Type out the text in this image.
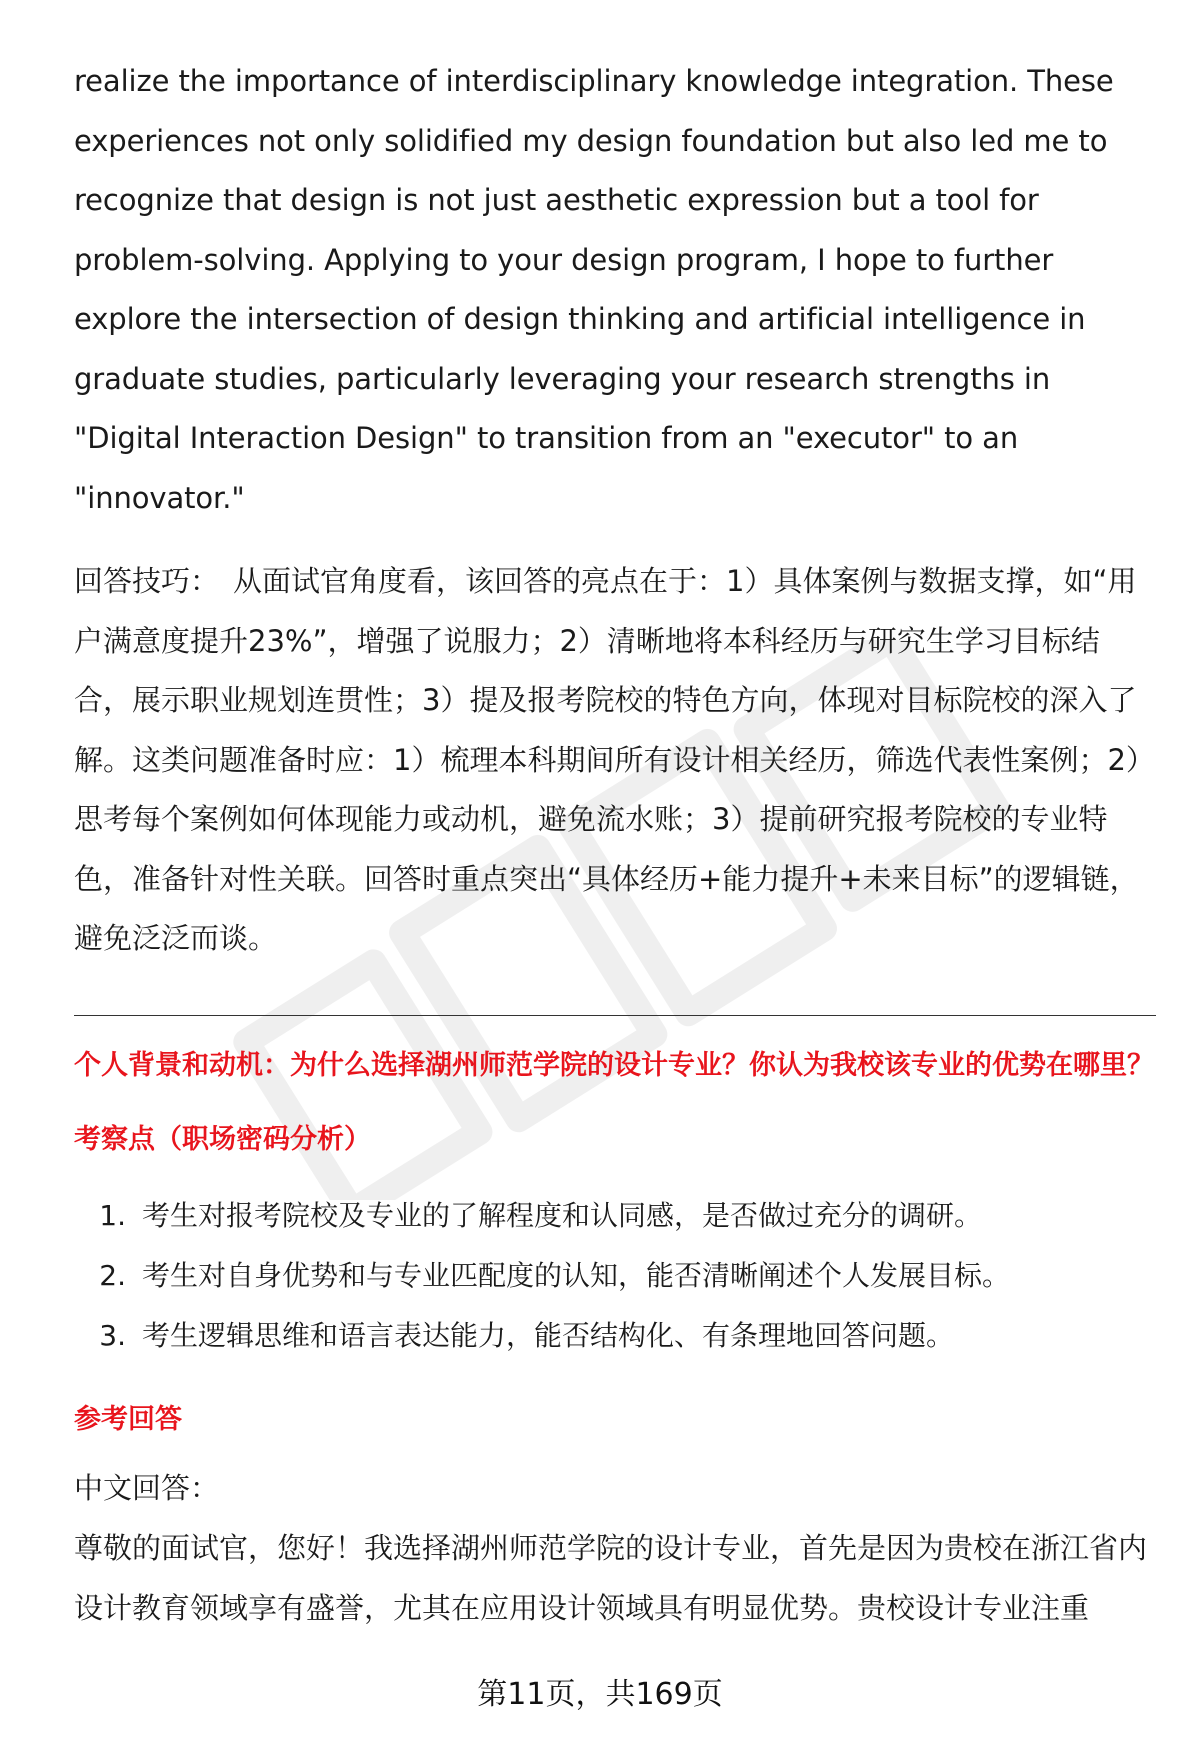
realize the importance of interdisciplinary knowledge integration. These experiences not only solidified my design foundation but also led me to recognize that design is not just aesthetic expression but a tool for problem-solving. Applying to your design program, I hope to further explore the intersection of design thinking and artificial intelligence in graduate studies, particularly leveraging your research strengths in "Digital Interaction Design" to transition from an "executor" to an "innovator."

回答技巧： 从面试官角度看，该回答的亮点在于：1）具体案例与数据支撑，如“用户满意度提升23%”，增强了说服力；2）清晰地将本科经历与研究生学习目标结合，展示职业规划连贯性；3）提及报考院校的特色方向，体现对目标院校的深入了解。这类问题准备时应：1）梳理本科期间所有设计相关经历，筛选代表性案例；2）思考每个案例如何体现能力或动机，避免流水账；3）提前研究报考院校的专业特色，准备针对性关联。回答时重点突出“具体经历+能力提升+未来目标”的逻辑链，避免泛泛而谈。

个人背景和动机：为什么选择湖州师范学院的设计专业？你认为我校该专业的优势在哪里？

考察点（职场密码分析）

1. 考生对报考院校及专业的了解程度和认同感，是否做过充分的调研。
2. 考生对自身优势和与专业匹配度的认知，能否清晰阐述个人发展目标。
3. 考生逻辑思维和语言表达能力，能否结构化、有条理地回答问题。

参考回答

中文回答：

尊敬的面试官，您好！我选择湖州师范学院的设计专业，首先是因为贵校在浙江省内设计教育领域享有盛誉，尤其在应用设计领域具有明显优势。贵校设计专业注重

第11页，共169页
